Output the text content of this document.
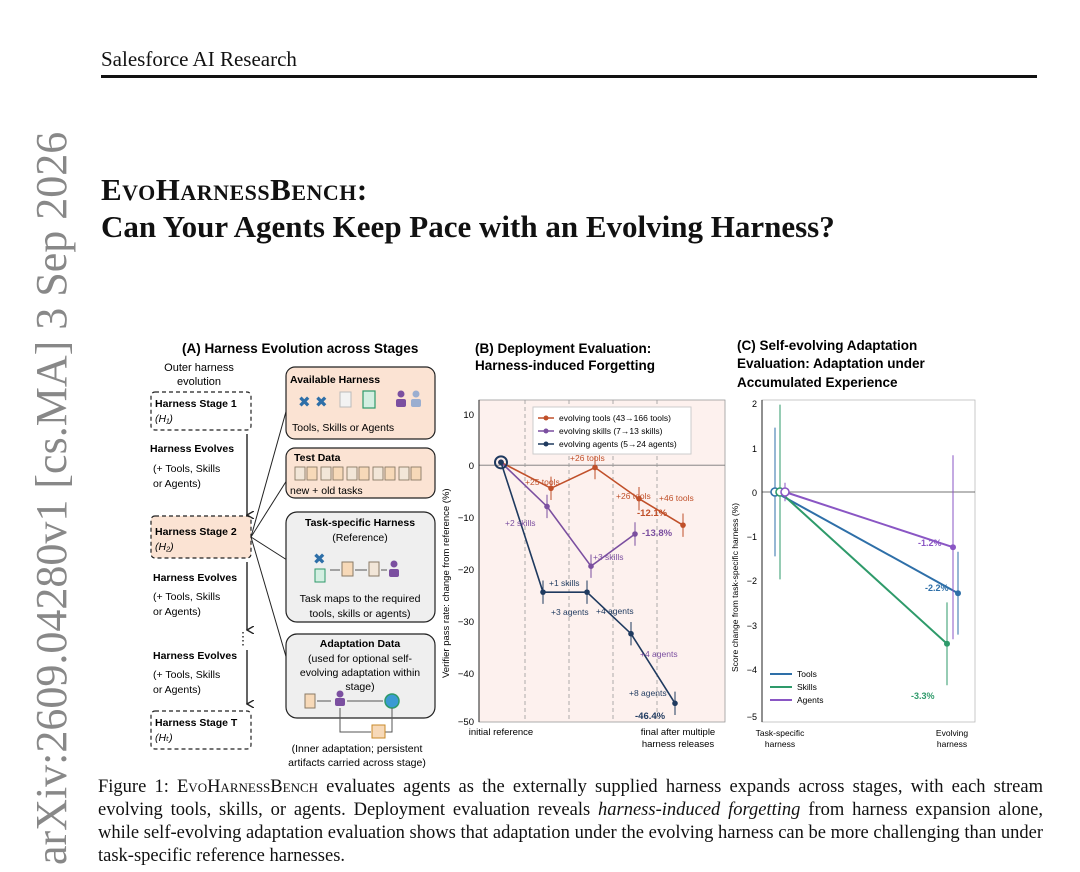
arXiv:2609.04280v1 [cs.MA] 3 Sep 2026
Salesforce AI Research
EvoHarnessBench:
Can Your Agents Keep Pace with an Evolving Harness?
(A) Harness Evolution across Stages
Outer harness
evolution
Harness Stage 1
(H₁)
Harness Evolves
(+ Tools, Skills
or Agents)
Harness Stage 2
(H₂)
Harness Evolves
(+ Tools, Skills
or Agents)
Harness Evolves
(+ Tools, Skills
or Agents)
Harness Stage T
(Hₜ)
Available Harness
✖ ✖
Tools, Skills or Agents
Test Data
new + old tasks
Task-specific Harness
(Reference)
✖
Task maps to the required
tools, skills or agents)
Adaptation Data
(used for optional self-
evolving adaptation within
stage)
(Inner adaptation; persistent
artifacts carried across stage)
(B) Deployment Evaluation:
Harness-induced Forgetting
10
0
−10
−20
−30
−40
−50
Verifier pass rate: change from reference (%)
initial reference	final after multiple
harness releases
evolving tools (43→166 tools)
evolving skills (7→13 skills)
evolving agents (5→24 agents)
+25 tools
+26 tools
+26 tools +46 tools
+2 skills
+1 skills
+3 skills
+3 agents +4 agents
+4 agents
+8 agents
-12.1%
-13.8%
-46.4%
(C) Self-evolving Adaptation
Evaluation: Adaptation under
Accumulated Experience
2
1
0
−1
−2
−3
−4
−5
Score change from task-specific harness (%)
Task-specific
harness
Evolving
harness
Tools
Skills
Agents
-1.2%
-2.2%
-3.3%
Figure 1: EvoHarnessBench evaluates agents as the externally supplied harness expands across stages, with each stream evolving tools, skills, or agents. Deployment evaluation reveals harness-induced forgetting from harness expansion alone, while self-evolving adaptation evaluation shows that adaptation under the evolving harness can be more challenging than under task-specific reference harnesses.
